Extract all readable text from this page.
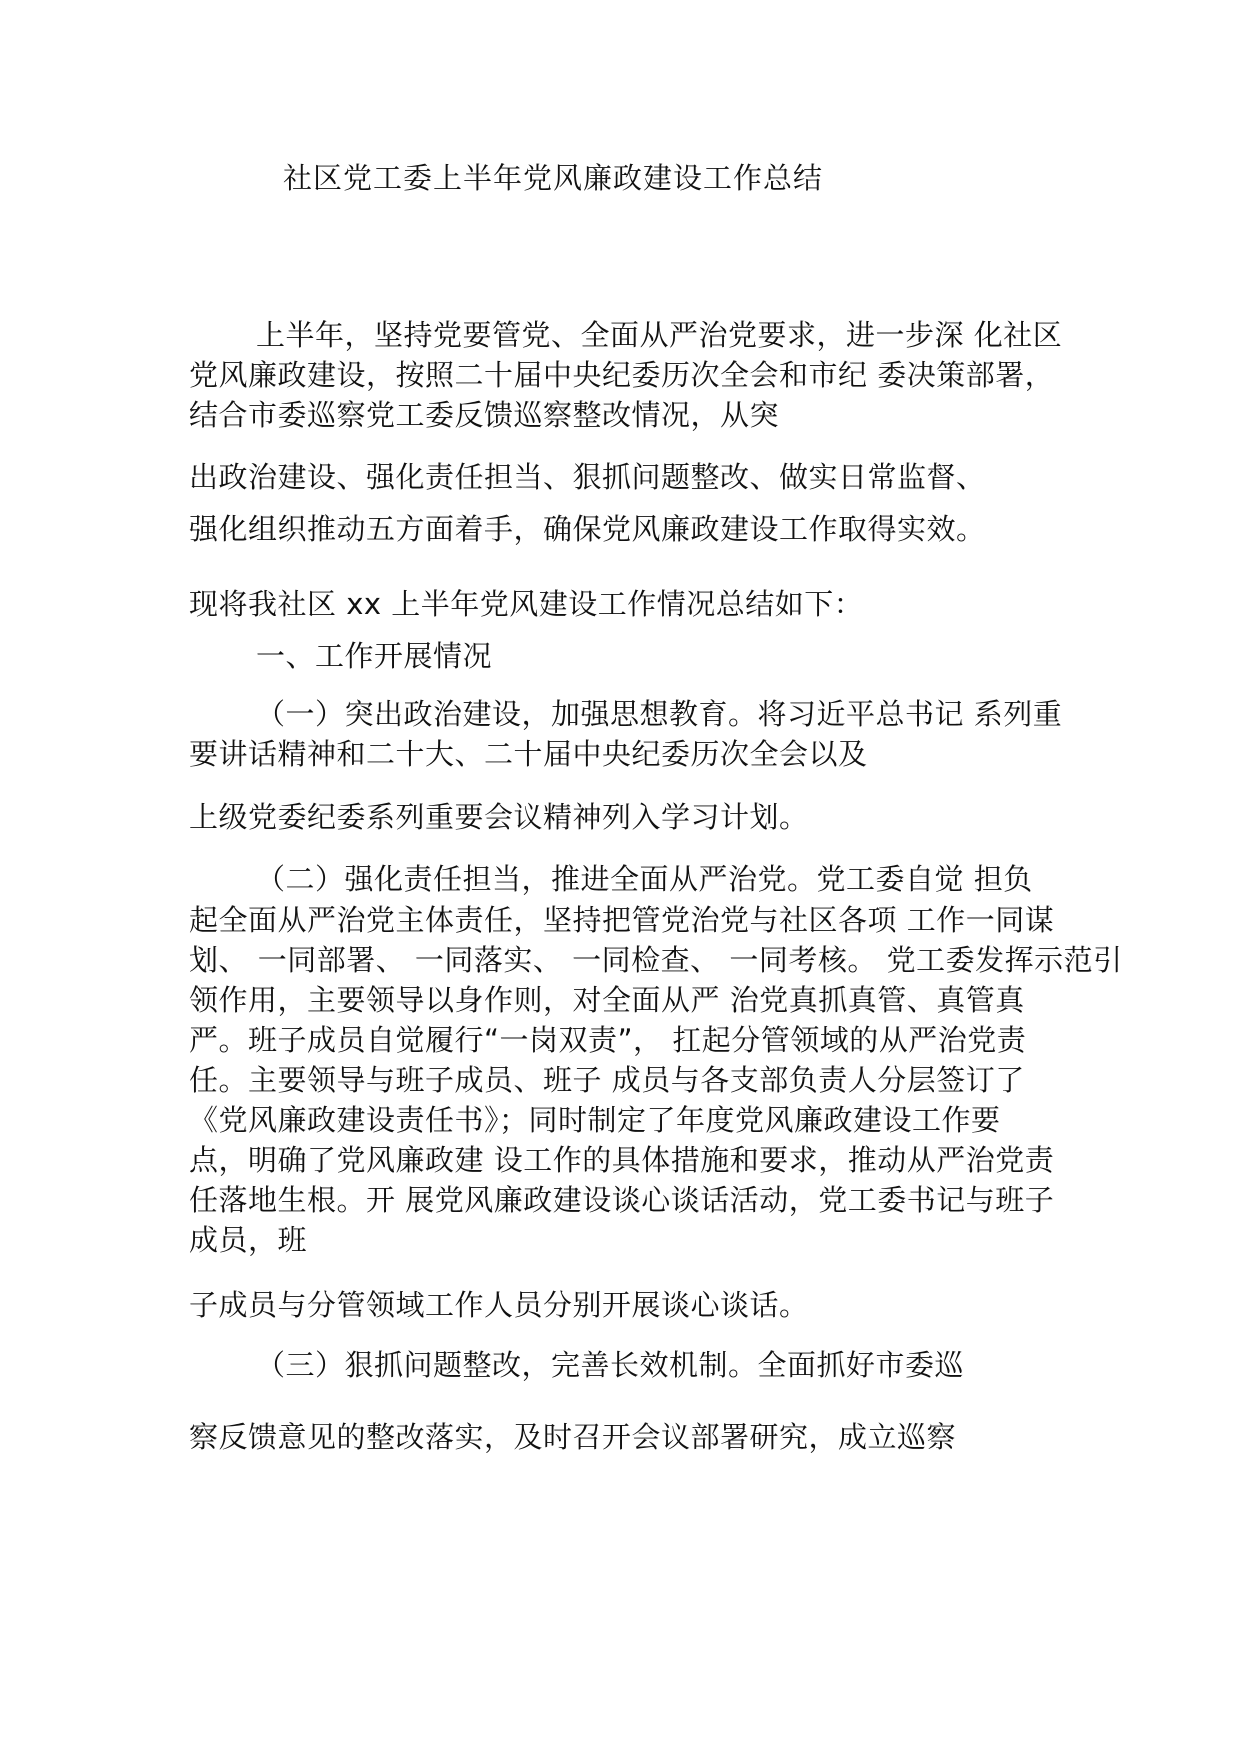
社区党工委上半年党风廉政建设工作总结
上半年，坚持党要管党、全面从严治党要求，进一步深 化社区
党风廉政建设，按照二十届中央纪委历次全会和市纪 委决策部署，
结合市委巡察党工委反馈巡察整改情况，从突
出政治建设、强化责任担当、狠抓问题整改、做实日常监督、
强化组织推动五方面着手，确保党风廉政建设工作取得实效。
现将我社区 xx 上半年党风建设工作情况总结如下：
一、工作开展情况
（一）突出政治建设，加强思想教育。将习近平总书记 系列重
要讲话精神和二十大、二十届中央纪委历次全会以及
上级党委纪委系列重要会议精神列入学习计划。
（二）强化责任担当，推进全面从严治党。党工委自觉 担负
起全面从严治党主体责任，坚持把管党治党与社区各项 工作一同谋
划、 一同部署、 一同落实、 一同检查、 一同考核。 党工委发挥示范引
领作用，主要领导以身作则，对全面从严 治党真抓真管、真管真
严。班子成员自觉履行“一岗双责”， 扛起分管领域的从严治党责
任。主要领导与班子成员、班子 成员与各支部负责人分层签订了
《党风廉政建设责任书》；同时制定了年度党风廉政建设工作要
点，明确了党风廉政建 设工作的具体措施和要求，推动从严治党责
任落地生根。开 展党风廉政建设谈心谈话活动，党工委书记与班子
成员，班
子成员与分管领域工作人员分别开展谈心谈话。
（三）狠抓问题整改，完善长效机制。全面抓好市委巡
察反馈意见的整改落实，及时召开会议部署研究，成立巡察
